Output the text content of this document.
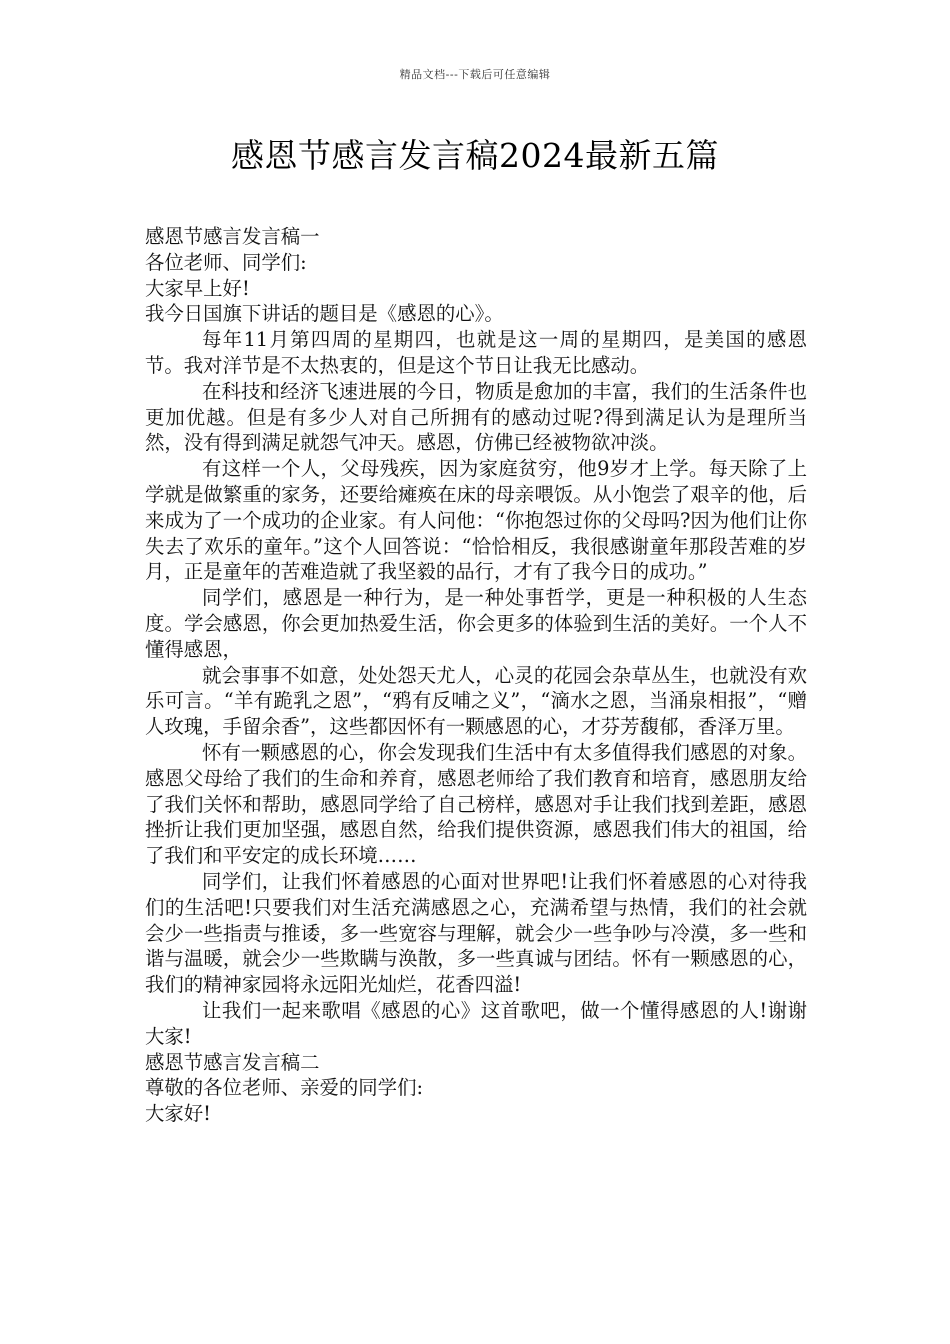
精品文档---下载后可任意编辑
感恩节感言发言稿2024最新五篇

感恩节感言发言稿一

各位老师、同学们:

大家早上好!

我今日国旗下讲话的题目是《感恩的心》。

每年11月第四周的星期四，也就是这一周的星期四，是美国的感恩节。我对洋节是不太热衷的，但是这个节日让我无比感动。

在科技和经济飞速进展的今日，物质是愈加的丰富，我们的生活条件也更加优越。但是有多少人对自己所拥有的感动过呢?得到满足认为是理所当然，没有得到满足就怨气冲天。感恩，仿佛已经被物欲冲淡。

有这样一个人，父母残疾，因为家庭贫穷，他9岁才上学。每天除了上学就是做繁重的家务，还要给瘫痪在床的母亲喂饭。从小饱尝了艰辛的他，后来成为了一个成功的企业家。有人问他：“你抱怨过你的父母吗?因为他们让你失去了欢乐的童年。”这个人回答说：“恰恰相反，我很感谢童年那段苦难的岁月，正是童年的苦难造就了我坚毅的品行，才有了我今日的成功。”

同学们，感恩是一种行为，是一种处事哲学，更是一种积极的人生态度。学会感恩，你会更加热爱生活，你会更多的体验到生活的美好。一个人不懂得感恩，

就会事事不如意，处处怨天尤人，心灵的花园会杂草丛生，也就没有欢乐可言。“羊有跪乳之恩”，“鸦有反哺之义”，“滴水之恩，当涌泉相报”，“赠人玫瑰，手留余香”，这些都因怀有一颗感恩的心，才芬芳馥郁，香泽万里。

怀有一颗感恩的心，你会发现我们生活中有太多值得我们感恩的对象。感恩父母给了我们的生命和养育，感恩老师给了我们教育和培育，感恩朋友给了我们关怀和帮助，感恩同学给了自己榜样，感恩对手让我们找到差距，感恩挫折让我们更加坚强，感恩自然，给我们提供资源，感恩我们伟大的祖国，给了我们和平安定的成长环境……

同学们，让我们怀着感恩的心面对世界吧!让我们怀着感恩的心对待我们的生活吧!只要我们对生活充满感恩之心，充满希望与热情，我们的社会就会少一些指责与推诿，多一些宽容与理解，就会少一些争吵与冷漠，多一些和谐与温暖，就会少一些欺瞒与涣散，多一些真诚与团结。怀有一颗感恩的心，我们的精神家园将永远阳光灿烂，花香四溢!

让我们一起来歌唱《感恩的心》这首歌吧，做一个懂得感恩的人!谢谢大家!

感恩节感言发言稿二

尊敬的各位老师、亲爱的同学们:

大家好!
